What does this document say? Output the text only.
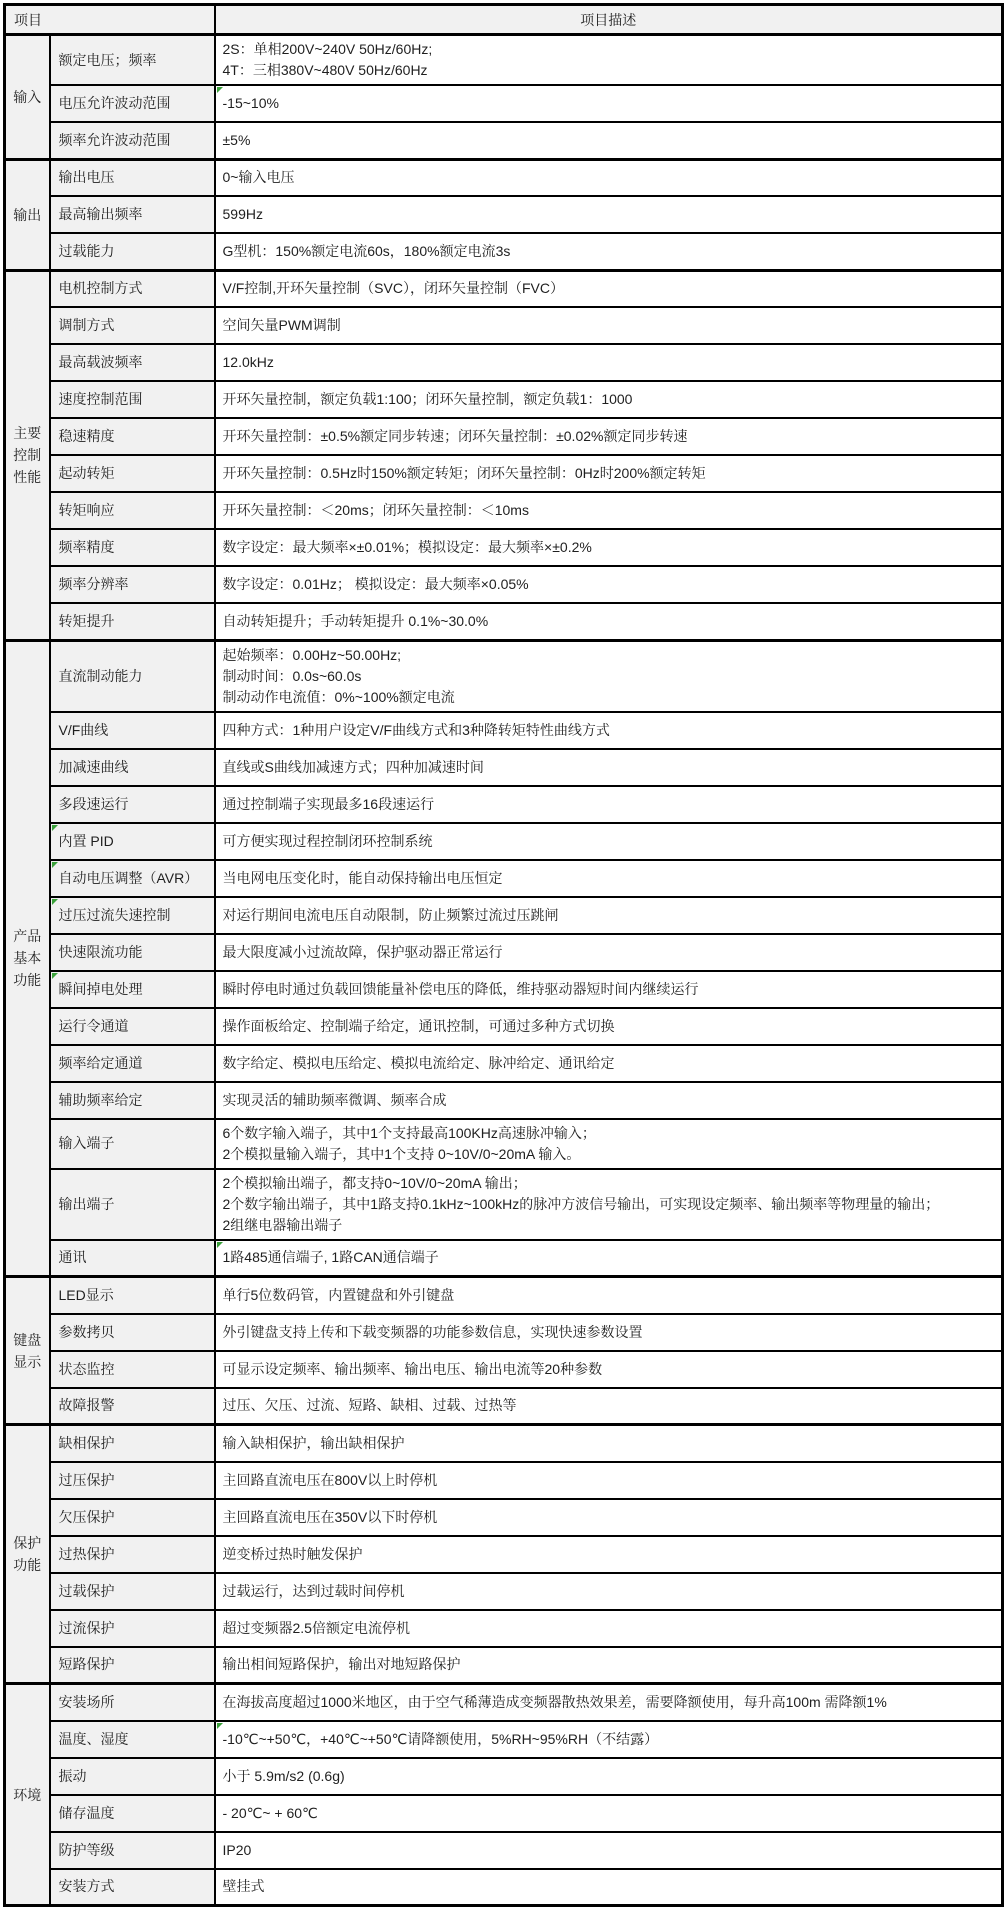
项目		项目描述
输入	额定电压；频率	2S：单相200V~240V 50Hz/60Hz;
4T：三相380V~480V 50Hz/60Hz

	电压允许波动范围	-15~10%

	频率允许波动范围	±5%

输出	输出电压	0~输入电压

	最高输出频率	599Hz

	过载能力	G型机：150%额定电流60s，180%额定电流3s

主要控制性能	电机控制方式	V/F控制,开环矢量控制（SVC），闭环矢量控制（FVC）

	调制方式	空间矢量PWM调制

	最高载波频率	12.0kHz

	速度控制范围	开环矢量控制，额定负载1:100；闭环矢量控制，额定负载1：1000

	稳速精度	开环矢量控制：±0.5%额定同步转速；闭环矢量控制：±0.02%额定同步转速

	起动转矩	开环矢量控制：0.5Hz时150%额定转矩；闭环矢量控制：0Hz时200%额定转矩

	转矩响应	开环矢量控制：＜20ms；闭环矢量控制：＜10ms

	频率精度	数字设定：最大频率×±0.01%；模拟设定：最大频率×±0.2%

	频率分辨率	数字设定：0.01Hz； 模拟设定：最大频率×0.05%

	转矩提升	自动转矩提升；手动转矩提升 0.1%~30.0%

产品基本功能	直流制动能力	起始频率：0.00Hz~50.00Hz;
制动时间：0.0s~60.0s
制动动作电流值：0%~100%额定电流

	V/F曲线	四种方式：1种用户设定V/F曲线方式和3种降转矩特性曲线方式

	加减速曲线	直线或S曲线加减速方式；四种加减速时间

	多段速运行	通过控制端子实现最多16段速运行

	内置 PID	可方便实现过程控制闭环控制系统

	自动电压调整（AVR）	当电网电压变化时，能自动保持输出电压恒定

	过压过流失速控制	对运行期间电流电压自动限制，防止频繁过流过压跳闸

	快速限流功能	最大限度减小过流故障，保护驱动器正常运行

	瞬间掉电处理	瞬时停电时通过负载回馈能量补偿电压的降低，维持驱动器短时间内继续运行

	运行令通道	操作面板给定、控制端子给定，通讯控制，可通过多种方式切换

	频率给定通道	数字给定、模拟电压给定、模拟电流给定、脉冲给定、通讯给定

	辅助频率给定	实现灵活的辅助频率微调、频率合成

	输入端子	6个数字输入端子，其中1个支持最高100KHz高速脉冲输入；
2个模拟量输入端子，其中1个支持 0~10V/0~20mA 输入。

	输出端子	2个模拟输出端子，都支持0~10V/0~20mA 输出；
2个数字输出端子，其中1路支持0.1kHz~100kHz的脉冲方波信号输出，可实现设定频率、输出频率等物理量的输出；
2组继电器输出端子

	通讯	1路485通信端子, 1路CAN通信端子

键盘显示	LED显示	单行5位数码管，内置键盘和外引键盘

	参数拷贝	外引键盘支持上传和下载变频器的功能参数信息，实现快速参数设置

	状态监控	可显示设定频率、输出频率、输出电压、输出电流等20种参数

	故障报警	过压、欠压、过流、短路、缺相、过载、过热等

保护功能	缺相保护	输入缺相保护，输出缺相保护

	过压保护	主回路直流电压在800V以上时停机

	欠压保护	主回路直流电压在350V以下时停机

	过热保护	逆变桥过热时触发保护

	过载保护	过载运行，达到过载时间停机

	过流保护	超过变频器2.5倍额定电流停机

	短路保护	输出相间短路保护，输出对地短路保护

环境	安装场所	在海拔高度超过1000米地区，由于空气稀薄造成变频器散热效果差，需要降额使用，每升高100m 需降额1%

	温度、湿度	-10℃~+50℃，+40℃~+50℃请降额使用，5%RH~95%RH（不结露）

	振动	小于 5.9m/s2 (0.6g)

	储存温度	- 20℃~ + 60℃

	防护等级	IP20

	安装方式	壁挂式
